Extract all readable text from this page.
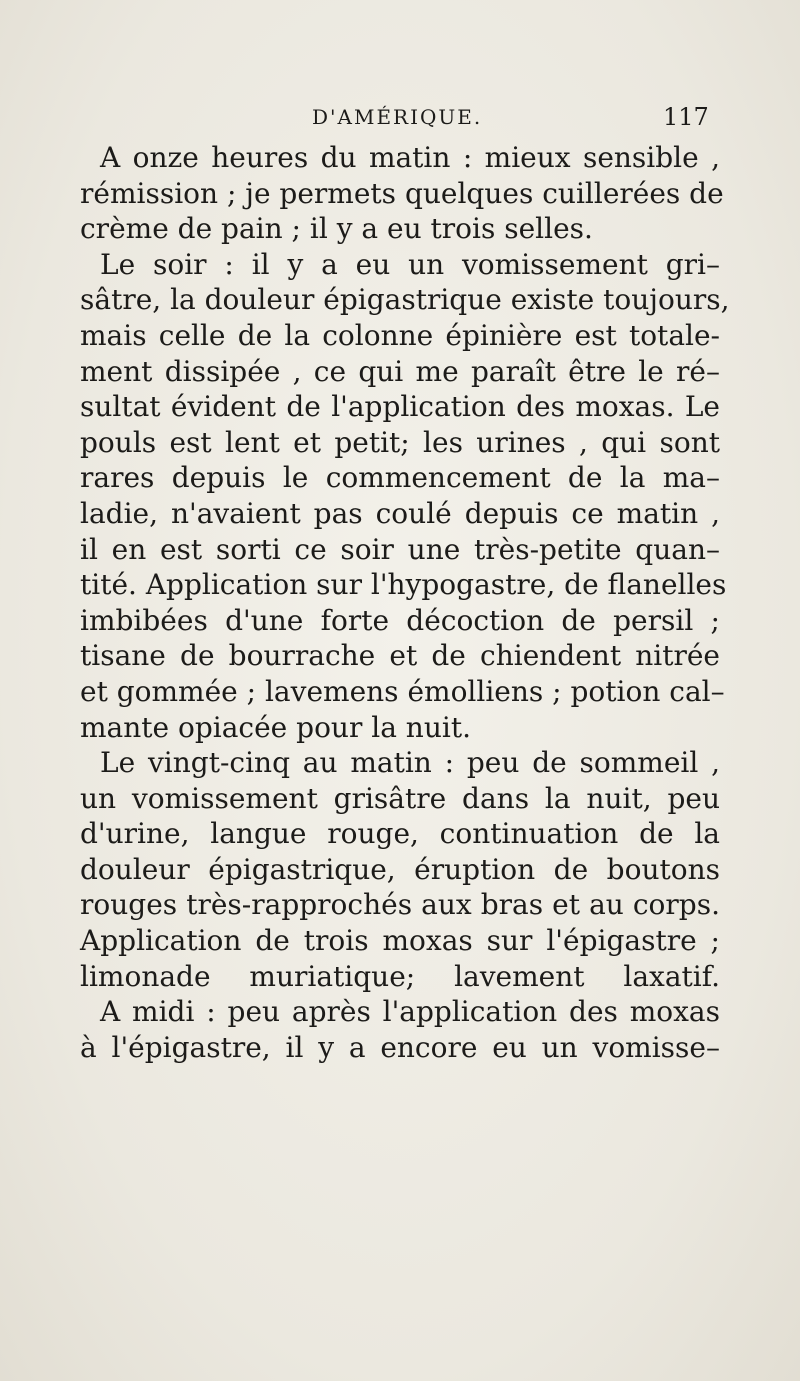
D'AMÉRIQUE.	117
A onze heures du matin : mieux sensible ,
rémission ; je permets quelques cuillerées de
crème de pain ; il y a eu trois selles.
Le soir : il y a eu un vomissement gri–
sâtre, la douleur épigastrique existe toujours,
mais celle de la colonne épinière est totale-
ment dissipée , ce qui me paraît être le ré–
sultat évident de l'application des moxas. Le
pouls est lent et petit; les urines , qui sont
rares depuis le commencement de la ma–
ladie, n'avaient pas coulé depuis ce matin ,
il en est sorti ce soir une très-petite quan–
tité. Application sur l'hypogastre, de flanelles
imbibées d'une forte décoction de persil ;
tisane de bourrache et de chiendent nitrée
et gommée ; lavemens émolliens ; potion cal–
mante opiacée pour la nuit.
Le vingt-cinq au matin : peu de sommeil ,
un vomissement grisâtre dans la nuit, peu
d'urine, langue rouge, continuation de la
douleur épigastrique, éruption de boutons
rouges très-rapprochés aux bras et au corps.
Application de trois moxas sur l'épigastre ;
limonade muriatique; lavement laxatif.
A midi : peu après l'application des moxas
à l'épigastre, il y a encore eu un vomisse–
